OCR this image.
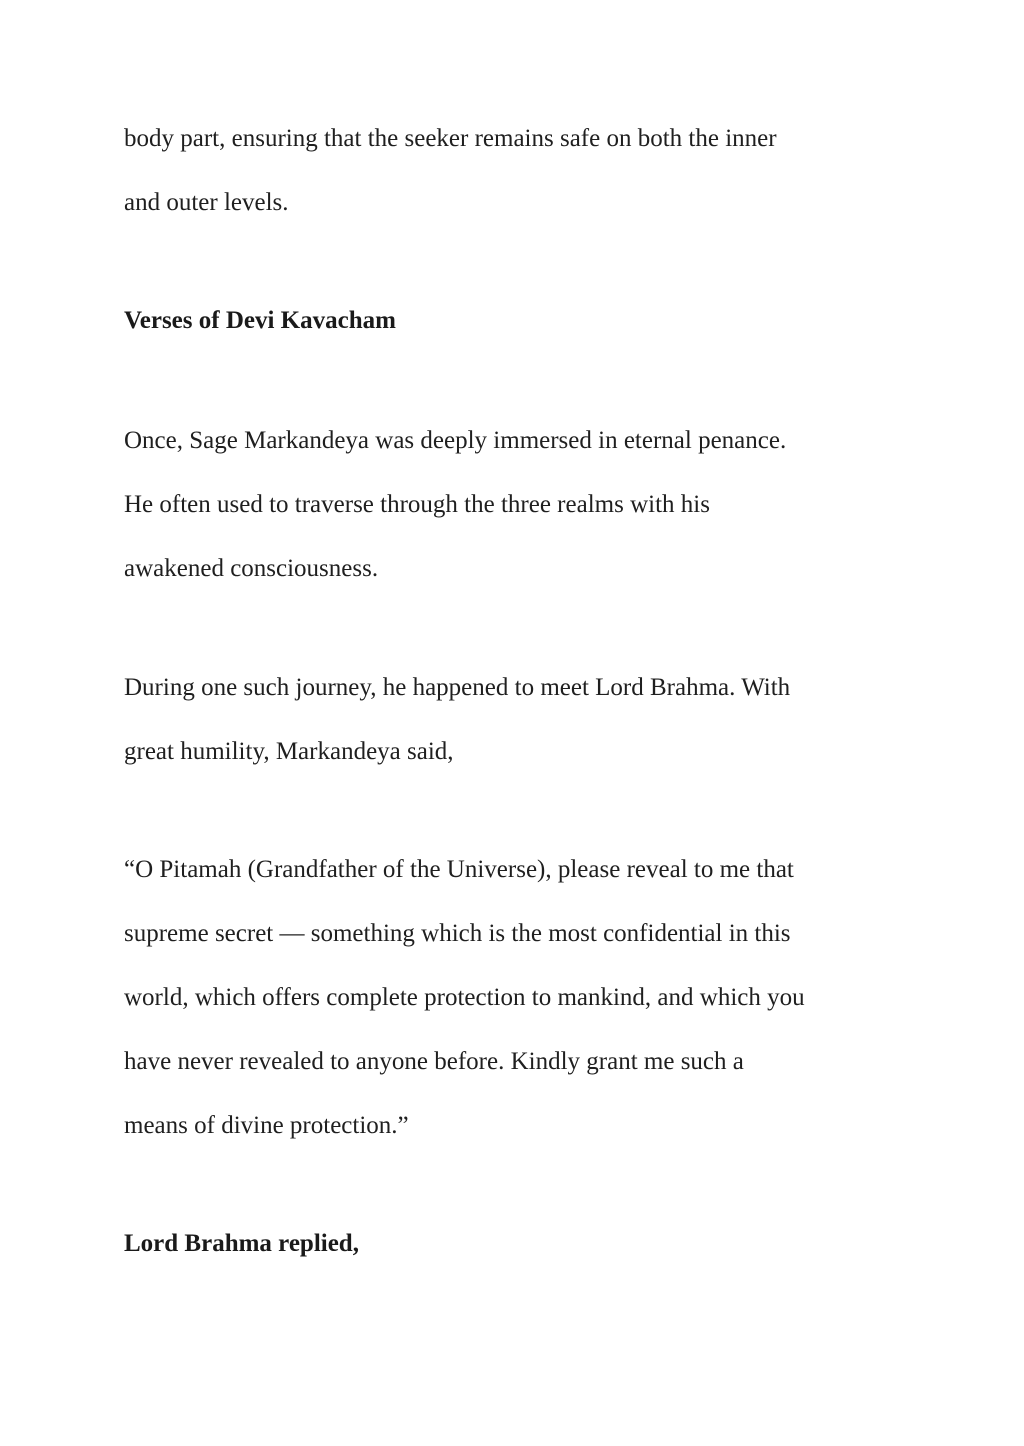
body part, ensuring that the seeker remains safe on both the inner

and outer levels.

Verses of Devi Kavacham

Once, Sage Markandeya was deeply immersed in eternal penance.

He often used to traverse through the three realms with his

awakened consciousness.

During one such journey, he happened to meet Lord Brahma. With

great humility, Markandeya said,

“O Pitamah (Grandfather of the Universe), please reveal to me that

supreme secret — something which is the most confidential in this

world, which offers complete protection to mankind, and which you

have never revealed to anyone before. Kindly grant me such a

means of divine protection.”

Lord Brahma replied,
